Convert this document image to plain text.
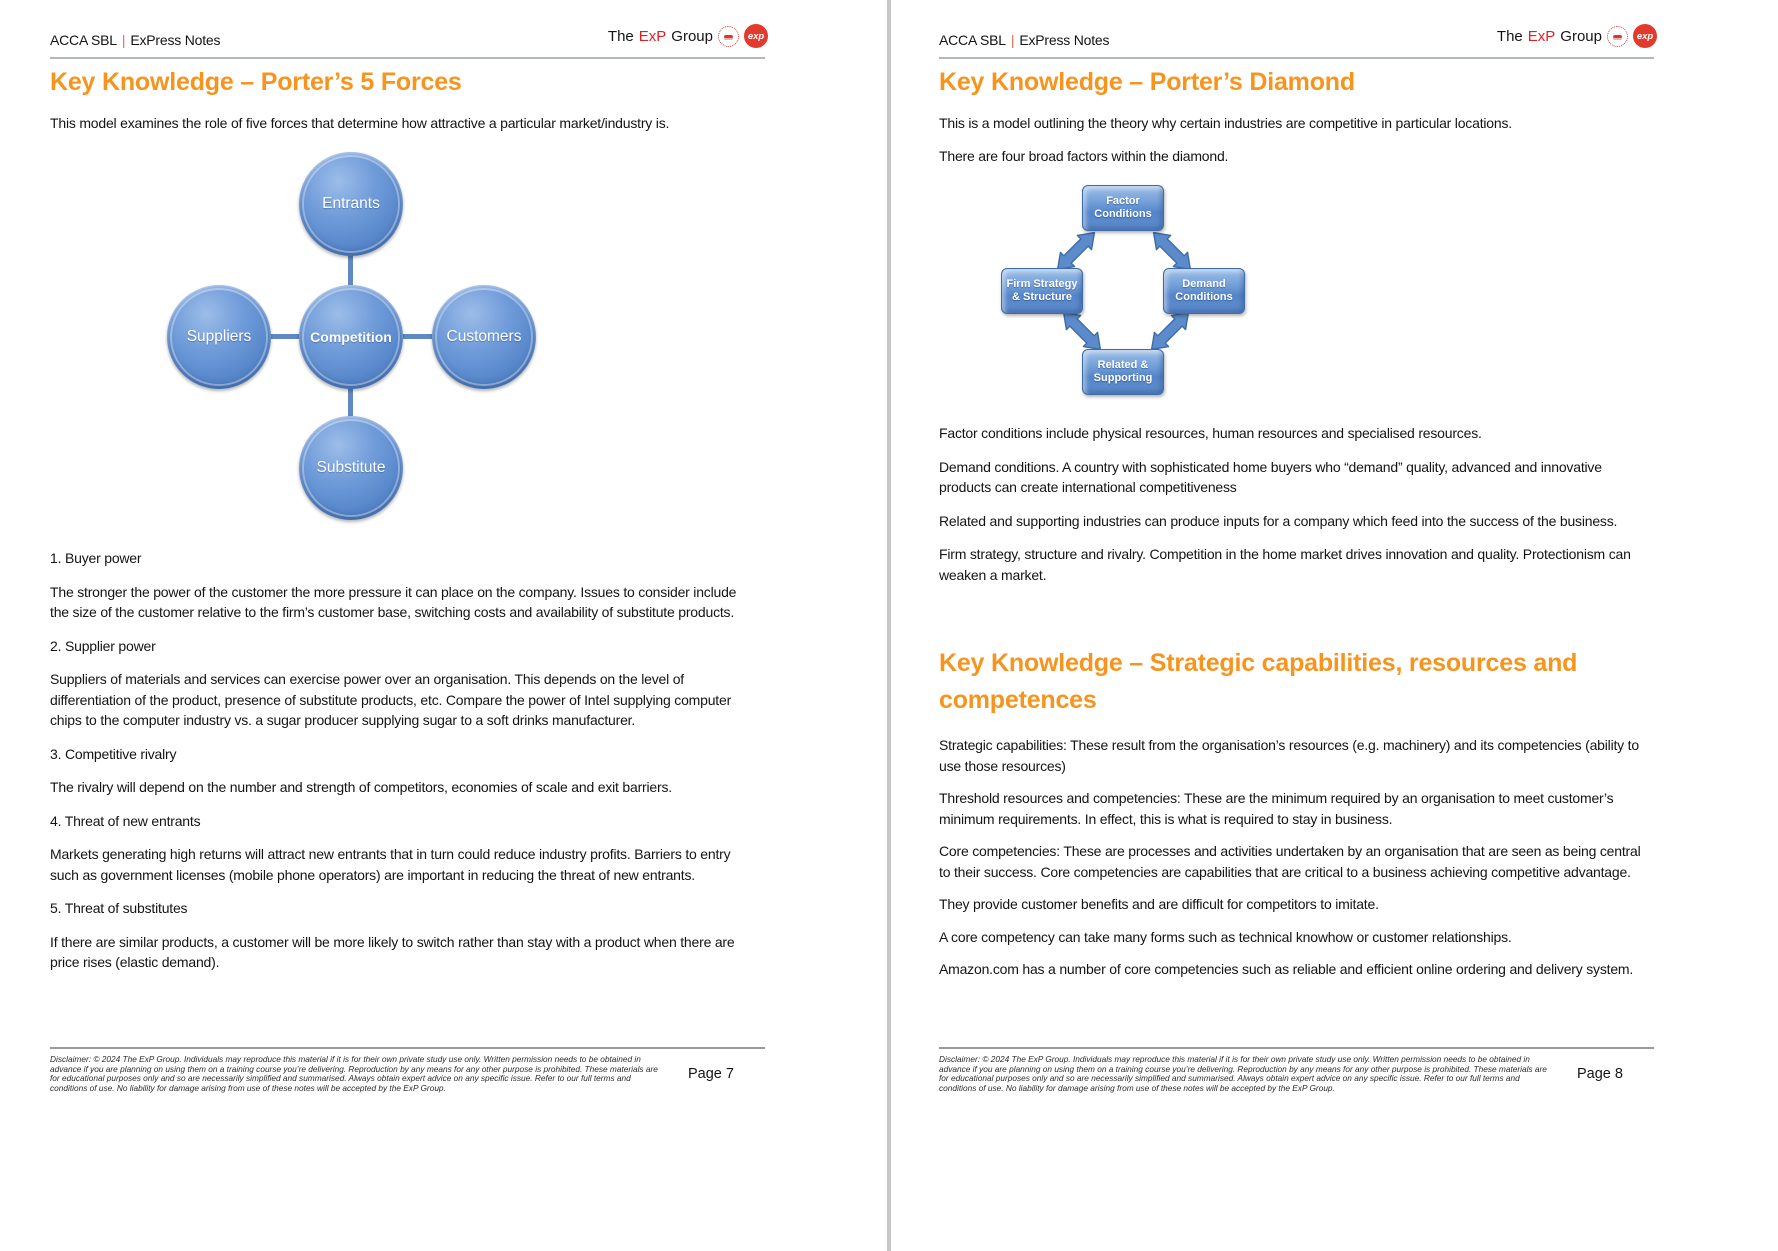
ACCA SBL | ExPress Notes	The ExP Group	exp
Key Knowledge – Porter’s 5 Forces
This model examines the role of five forces that determine how attractive a particular market/industry is.
Entrants
Suppliers	Competition	Customers
Substitute

1. Buyer power

The stronger the power of the customer the more pressure it can place on the company. Issues to consider include the size of the customer relative to the firm’s customer base, switching costs and availability of substitute products.

2. Supplier power

Suppliers of materials and services can exercise power over an organisation. This depends on the level of differentiation of the product, presence of substitute products, etc. Compare the power of Intel supplying computer chips to the computer industry vs. a sugar producer supplying sugar to a soft drinks manufacturer.

3. Competitive rivalry

The rivalry will depend on the number and strength of competitors, economies of scale and exit barriers.

4. Threat of new entrants

Markets generating high returns will attract new entrants that in turn could reduce industry profits. Barriers to entry such as government licenses (mobile phone operators) are important in reducing the threat of new entrants.

5. Threat of substitutes

If there are similar products, a customer will be more likely to switch rather than stay with a product when there are price rises (elastic demand).

Disclaimer: © 2024 The ExP Group. Individuals may reproduce this material if it is for their own private study use only. Written permission needs to be obtained in advance if you are planning on using them on a training course you’re delivering. Reproduction by any means for any other purpose is prohibited. These materials are for educational purposes only and so are necessarily simplified and summarised. Always obtain expert advice on any specific issue. Refer to our full terms and conditions of use. No liability for damage arising from use of these notes will be accepted by the ExP Group.
Page 7
ACCA SBL | ExPress Notes	The ExP Group	exp
Key Knowledge – Porter’s Diamond
This is a model outlining the theory why certain industries are competitive in particular locations.
There are four broad factors within the diamond.
Factor Conditions
Firm Strategy & Structure
Demand Conditions
Related & Supporting

Factor conditions include physical resources, human resources and specialised resources.

Demand conditions. A country with sophisticated home buyers who “demand” quality, advanced and innovative products can create international competitiveness

Related and supporting industries can produce inputs for a company which feed into the success of the business.

Firm strategy, structure and rivalry. Competition in the home market drives innovation and quality. Protectionism can weaken a market.

Key Knowledge – Strategic capabilities, resources and competences

Strategic capabilities: These result from the organisation’s resources (e.g. machinery) and its competencies (ability to use those resources)

Threshold resources and competencies: These are the minimum required by an organisation to meet customer’s minimum requirements. In effect, this is what is required to stay in business.

Core competencies: These are processes and activities undertaken by an organisation that are seen as being central to their success. Core competencies are capabilities that are critical to a business achieving competitive advantage.

They provide customer benefits and are difficult for competitors to imitate.

A core competency can take many forms such as technical knowhow or customer relationships.

Amazon.com has a number of core competencies such as reliable and efficient online ordering and delivery system.

Disclaimer: © 2024 The ExP Group. Individuals may reproduce this material if it is for their own private study use only. Written permission needs to be obtained in advance if you are planning on using them on a training course you’re delivering. Reproduction by any means for any other purpose is prohibited. These materials are for educational purposes only and so are necessarily simplified and summarised. Always obtain expert advice on any specific issue. Refer to our full terms and conditions of use. No liability for damage arising from use of these notes will be accepted by the ExP Group.
Page 8
